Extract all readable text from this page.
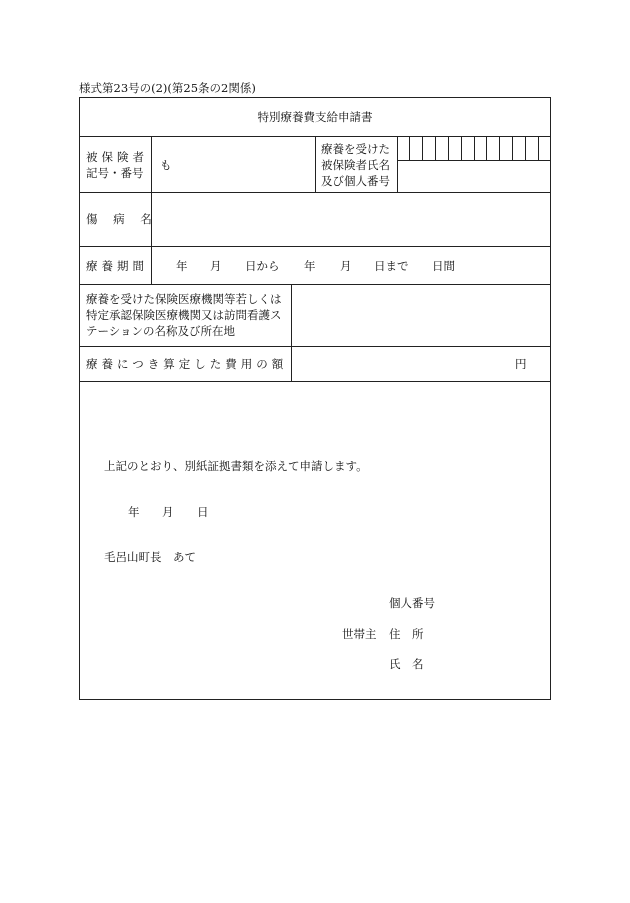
様式第23号の(2)(第25条の2関係)
特別療養費支給申請書
被保険者
記号・番号
も
療養を受けた
被保険者氏名
及び個人番号
傷 病 名
療養期間 年 月 日から 年 月 日まで 日間
療養を受けた保険医療機関等若しくは
特定承認保険医療機関又は訪問看護ス
テーションの名称及び所在地
療養につき算定した費用の額	円
上記のとおり、別紙証拠書類を添えて申請します。
年 月 日
毛呂山町長　あて
個人番号
世帯主 住　所
氏　名
